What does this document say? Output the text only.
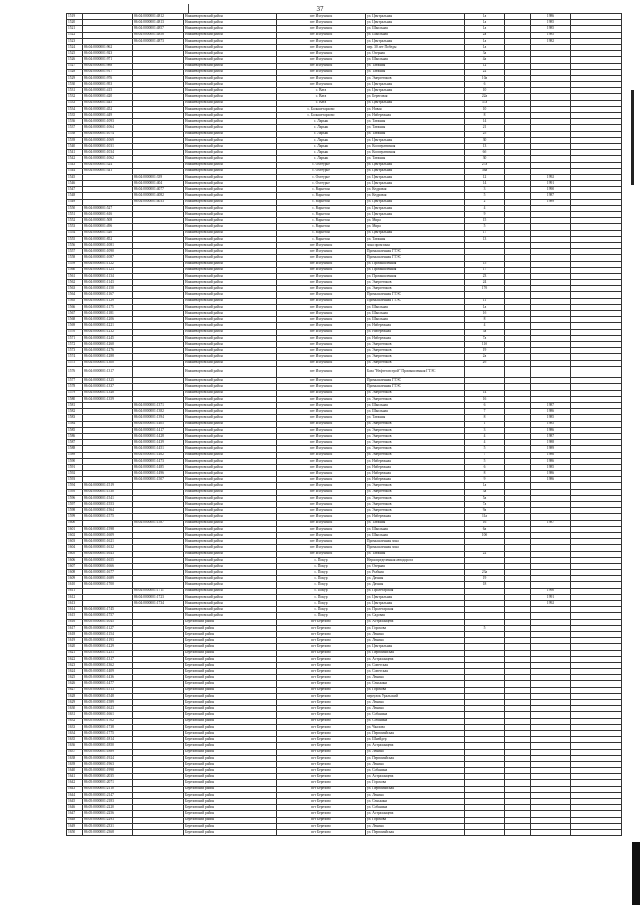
37
1519		86:04:0000001:4812	Нижневартовский район	пгт Излучинск	ул. Центральная	1а		1986	
1520		86:04:0000001:4813	Нижневартовский район	пгт Излучинск	ул. Центральная	1а		1985	
1521		86:04:0000001:4857	Нижневартовский район	пгт Излучинск	ул. Школьная	1а		1985	
1522		86:04:0000001:4858	Нижневартовский район	пгт Излучинск	ул. Школьная	2а		1985	
1523		86:04:0000001:4873	Нижневартовский район	пгт Излучинск	ул. Центральная	1а		1982	
1524	86:04:0000001:962		Нижневартовский район	пгт Излучинск	пер. 30 лет Победы	1а			
1525	86:04:0000001:923		Нижневартовский район	пгт Излучинск	ул. Озерная	3а			
1526	86:04:0000001:971		Нижневартовский район	пгт Излучинск	ул. Школьная	4а			
1527	86:04:0000001:988		Нижневартовский район	пгт Излучинск	ул. Таежная	12			
1528	86:04:0000001:917		Нижневартовский район	пгт Излучинск	ул. Таежная	22			
1529	86:04:0000001:976		Нижневартовский район	пгт Излучинск	ул. Энергетиков	10а			
1530	86:04:0000001:953		Нижневартовский район	пгт Излучинск	ул. Центральная	6			
1531	86:04:0000001:415		Нижневартовский район	с. Вата	ул. Центральная	10			
1532	86:04:0000001:420		Нижневартовский район	с. Вата	ул. Береговая	22а			
1533	86:04:0000001:445		Нижневартовский район	с. Вата	ул. Центральная	37а			
1534	86:04:0000001:452		Нижневартовский район	с. Большетарховo	ул. Новая	10			
1535	86:04:0000001:449		Нижневартовский район	с. Большетарховo	ул. Набережная	8			
1536	86:04:0000001:1093		Нижневартовский район	с. Ларьяк	ул. Таежная	14			
1537	86:04:0000001:1064		Нижневартовский район	с. Ларьяк	ул. Таежная	21			
1538	86:04:0000001:1074		Нижневартовский район	с. Ларьяк	ул. Таежная	25			
1539	86:04:0000001:1069		Нижневартовский район	с. Ларьяк	ул. Центральная	30			
1540	86:04:0000001:1031		Нижневартовский район	с. Ларьяк	ул. Кооперативная	13			
1541	86:04:0000001:1034		Нижневартовский район	с. Ларьяк	ул. Кооперативная	6б			
1542	86:04:0000001:1062		Нижневартовский район	с. Ларьяк	ул. Таежная	30			
1543	86:04:0000001:324		Нижневартовский район	с. Охтеурье	ул. Центральная	27а			
1544	86:04:0000001:341		Нижневартовский район	с. Охтеурье	ул. Центральная	36а			
1545		86:04:0000001:339	Нижневартовский район	с. Охтеурье	ул. Центральная	12		1992	
1546		86:04:0000001:404	Нижневартовский район	с. Охтеурье	ул. Центральная	14		1991	
1547		86:04:0000001:4077	Нижневартовский район	с. Варьеган	ул. Кедровая	3		1990	
1548		86:04:0000001:4082	Нижневартовский район	с. Варьеган	ул. Кедровая	5		1987	
1549		86:04:0000001:4033	Нижневартовский район	с. Варьеган	ул. Центральная	2		1989	
1550	86:04:0000001:527		Нижневартовский район	с. Варьеган	ул. Центральная	4			
1551	86:04:0000001:616		Нижневартовский район	с. Варьеган	ул. Центральная	9			
1552	86:04:0000001:508		Нижневартовский район	с. Варьеган	ул. Мира	15			
1553	86:04:0000001:496		Нижневартовский район	с. Варьеган	ул. Мира	5			
1554	86:04:0000001:520		Нижневартовский район	с. Варьеган	ул. Центральная	17			
1555	86:04:0000001:852		Нижневартовский район	с. Варьеган	ул. Таежная	13			
1556	86:04:0000001:1081		Нижневартовский район	пгт Излучинск	зона промзоны				
1557	86:04:0000001:1090		Нижневартовский район	пгт Излучинск	Промышленная ГТЭС				
1558	86:04:0000001:1087		Нижневартовский район	пгт Излучинск	Промышленная ГТЭС				
1559	86:04:0000001:1122		Нижневартовский район	пгт Излучинск	ул. Промышленная	15			
1560	86:04:0000001:1123		Нижневартовский район	пгт Излучинск	ул. Промышленная	17			
1561	86:04:0000001:1134		Нижневартовский район	пгт Излучинск	ул. Промышленная	23			
1562	86:04:0000001:1143		Нижневартовский район	пгт Излучинск	ул. Энергетиков	24			
1563	86:04:0000001:1150		Нижневартовский район	пгт Излучинск	ул. Энергетиков	17б			
1564	86:04:0000001:1167		Нижневартовский район	пгт Излучинск	Промышленная ГТЭС				
1565	86:04:0000001:1129		Нижневартовский район	пгт Излучинск	Промышленная ГТЭС	11			
1566	86:04:0000001:1175		Нижневартовский район	пгт Излучинск	ул. Школьная	1а			
1567	86:04:0000001:1181		Нижневартовский район	пгт Излучинск	ул. Школьная	1б			
1568	86:04:0000001:1206		Нижневартовский район	пгт Излучинск	ул. Школьная	8			
1569	86:04:0000001:1221		Нижневартовский район	пгт Излучинск	ул. Набережная	4			
1570	86:04:0000001:1232		Нижневартовский район	пгт Излучинск	ул. Набережная	5а			
1571	86:04:0000001:1245		Нижневартовский район	пгт Излучинск	ул. Набережная	7а			
1572	86:04:0000001:1260		Нижневартовский район	пгт Излучинск	ул. Энергетиков	11б			
1573	86:04:0000001:1276		Нижневартовский район	пгт Излучинск	ул. Энергетиков	19			
1574	86:04:0000001:1288		Нижневартовский район	пгт Излучинск	ул. Энергетиков	2а			
1575	86:04:0000001:1300		Нижневартовский район	пгт Излучинск	ул. Энергетиков	2б			
1576	86:04:0000001:1317		Нижневартовский район	пгт Излучинск	База "Нефтегазстрой" Промышленная ГТЭС				
1577	86:04:0000001:1325		Нижневартовский район	пгт Излучинск	Промышленная ГТЭС				
1578	86:04:0000001:1337		Нижневартовский район	пгт Излучинск	Промышленная ГТЭС				
1579	86:04:0000001:1348		Нижневартовский район	пгт Излучинск	ул. Энергетиков	14			
1580	86:04:0000001:1359		Нижневартовский район	пгт Излучинск	ул. Энергетиков	16			
1581		86:04:0000001:1371	Нижневартовский район	пгт Излучинск	ул. Школьная	6		1987	
1582		86:04:0000001:1382	Нижневартовский район	пгт Излучинск	ул. Школьная	7		1986	
1583		86:04:0000001:1394	Нижневартовский район	пгт Излучинск	ул. Таежная	8		1985	
1584		86:04:0000001:1405	Нижневартовский район	пгт Излучинск	ул. Энергетиков	1		1985	
1585		86:04:0000001:1417	Нижневартовский район	пгт Излучинск	ул. Энергетиков	3		1986	
1586		86:04:0000001:1428	Нижневартовский район	пгт Излучинск	ул. Энергетиков	4		1987	
1587		86:04:0000001:1439	Нижневартовский район	пгт Излучинск	ул. Энергетиков	4		1988	
1588		86:04:0000001:1451	Нижневартовский район	пгт Излучинск	ул. Энергетиков	5		1989	
1589		86:04:0000001:1462	Нижневартовский район	пгт Излучинск	ул. Энергетиков	7		1986	
1590		86:04:0000001:1473	Нижневартовский район	пгт Излучинск	ул. Набережная	5		1986	
1591		86:04:0000001:1485	Нижневартовский район	пгт Излучинск	ул. Набережная	6		1985	
1592		86:04:0000001:1496	Нижневартовский район	пгт Излучинск	ул. Набережная	8		1986	
1593		86:04:0000001:1507	Нижневартовский район	пгт Излучинск	ул. Набережная	9		1986	
1594	86:04:0000001:1519		Нижневартовский район	пгт Излучинск	ул. Энергетиков	1а			
1595	86:04:0000001:1530		Нижневартовский район	пгт Излучинск	ул. Энергетиков	3а			
1596	86:04:0000001:1541		Нижневартовский район	пгт Излучинск	ул. Энергетиков	5а			
1597	86:04:0000001:1553		Нижневартовский район	пгт Излучинск	ул. Энергетиков	7а			
1598	86:04:0000001:1564		Нижневартовский район	пгт Излучинск	ул. Энергетиков	9а			
1599	86:04:0000001:1575		Нижневартовский район	пгт Излучинск	ул. Набережная	11а			
1600		86:04:0000001:1587	Нижневартовский район	пгт Излучинск	ул. Таежная	16		1987	
1601	86:04:0000001:1598		Нижневартовский район	пгт Излучинск	ул. Школьная	6а			
1602	86:04:0000001:1609		Нижневартовский район	пгт Излучинск	ул. Школьная	10б			
1603	86:04:0000001:1621		Нижневартовский район	пгт Излучинск	Промышленная зона				
1604	86:04:0000001:1632		Нижневартовский район	пгт Излучинск	Промышленная зона				
1605	86:04:0000001:1643		Нижневартовский район	пгт Излучинск	ул. Таежная	22			
1606	86:04:0000001:1655		Нижневартовский район	с. Покур	Нераспределенная автодорога				
1607	86:04:0000001:1666		Нижневартовский район	с. Покур	ул. Озерная				
1608	86:04:0000001:1677		Нижневартовский район	с. Покур	ул. Рыбная	23а			
1609	86:04:0000001:1689		Нижневартовский район	с. Покур	ул. Дачная	19			
1610	86:04:0000001:1700		Нижневартовский район	с. Покур	ул. Дачная	18			
1611		86:04:0000001:1711	Нижневартовский район	с. Покур	ул. Пролетарская			1990	
1612		86:04:0000001:1723	Нижневартовский район	с. Покур	ул. Центральная			1991	
1613		86:04:0000001:1734	Нижневартовский район	с. Покур	ул. Центральная			1992	
1614	86:04:0000001:1745		Нижневартовский район	с. Покур	ул. Пролетарская				
1615	86:04:0000001:1757		Нижневартовский район	с. Покур	ул. Садовая				
1616	86:05:0000001:1045		Березовский район	пгт Березово	ул. Астраханцева				
1617	86:05:0000001:1127		Березовский район	пгт Березово	ул. Гороховa	5			
1618	86:05:0000001:1154		Березовский район	пгт Березово	ул. Ленина				
1619	86:05:0000001:1193		Березовский район	пгт Березово	ул. Ленина				
1620	86:05:0000001:1229		Березовский район	пгт Березово	ул. Центральная				
1621	86:05:0000001:1251		Березовский район	пгт Березово	ул. Первомайская				
1622	86:05:0000001:1317		Березовский район	пгт Березово	ул. Астраханцева				
1623	86:05:0000001:1362		Березовский район	пгт Березово	ул. Советская				
1624	86:05:0000001:1409		Березовский район	пгт Березово	ул. Советская				
1625	86:05:0000001:1436		Березовский район	пгт Березово	ул. Ленина				
1626	86:05:0000001:1477		Березовский район	пгт Березово	ул. Сенькина				
1627	86:05:0000001:1513		Березовский район	пгт Березово	ул. Гороховa				
1628	86:05:0000001:1548		Березовский район	пгт Березово	переулок Уральский				
1629	86:05:0000001:1589		Березовский район	пгт Березово	ул. Ленина				
1630	86:05:0000001:1623		Березовский район	пгт Березово	ул. Ленина				
1631	86:05:0000001:1661		Березовский район	пгт Березово	ул. Собянина				
1632	86:05:0000001:1702		Березовский район	пгт Березово	ул. Собянина				
1633	86:05:0000001:1738		Березовский район	пгт Березово	ул. Чкалова				
1634	86:05:0000001:1775		Березовский район	пгт Березово	ул. Первомайская				
1635	86:05:0000001:1814		Березовский район	пгт Березово	ул. Шнейдер				
1636	86:05:0000001:1850		Березовский район	пгт Березово	ул. Астраханцева				
1637	86:05:0000001:1889		Березовский район	пгт Березово	ул. Ленина				
1638	86:05:0000001:1924		Березовский район	пгт Березово	ул. Первомайская				
1639	86:05:0000001:1963		Березовский район	пгт Березово	ул. Ленина				
1640	86:05:0000001:1998		Березовский район	пгт Березово	ул. Собянина				
1641	86:05:0000001:2035		Березовский район	пгт Березово	ул. Астраханцева				
1642	86:05:0000001:2071		Березовский район	пгт Березово	ул. Гороховa				
1643	86:05:0000001:2110		Березовский район	пгт Березово	ул. Первомайская				
1644	86:05:0000001:2147		Березовский район	пгт Березово	ул. Ленина				
1645	86:05:0000001:2183		Березовский район	пгт Березово	ул. Сенькина				
1646	86:05:0000001:2220		Березовский район	пгт Березово	ул. Собянина				
1647	86:05:0000001:2256		Березовский район	пгт Березово	ул. Астраханцева				
1648	86:05:0000001:2293		Березовский район	пгт Березово	ул. Гороховa				
1649	86:05:0000001:2331		Березовский район	пгт Березово	ул. Ленина				
1650	86:05:0000001:2368		Березовский район	пгт Березово	ул. Первомайская				
